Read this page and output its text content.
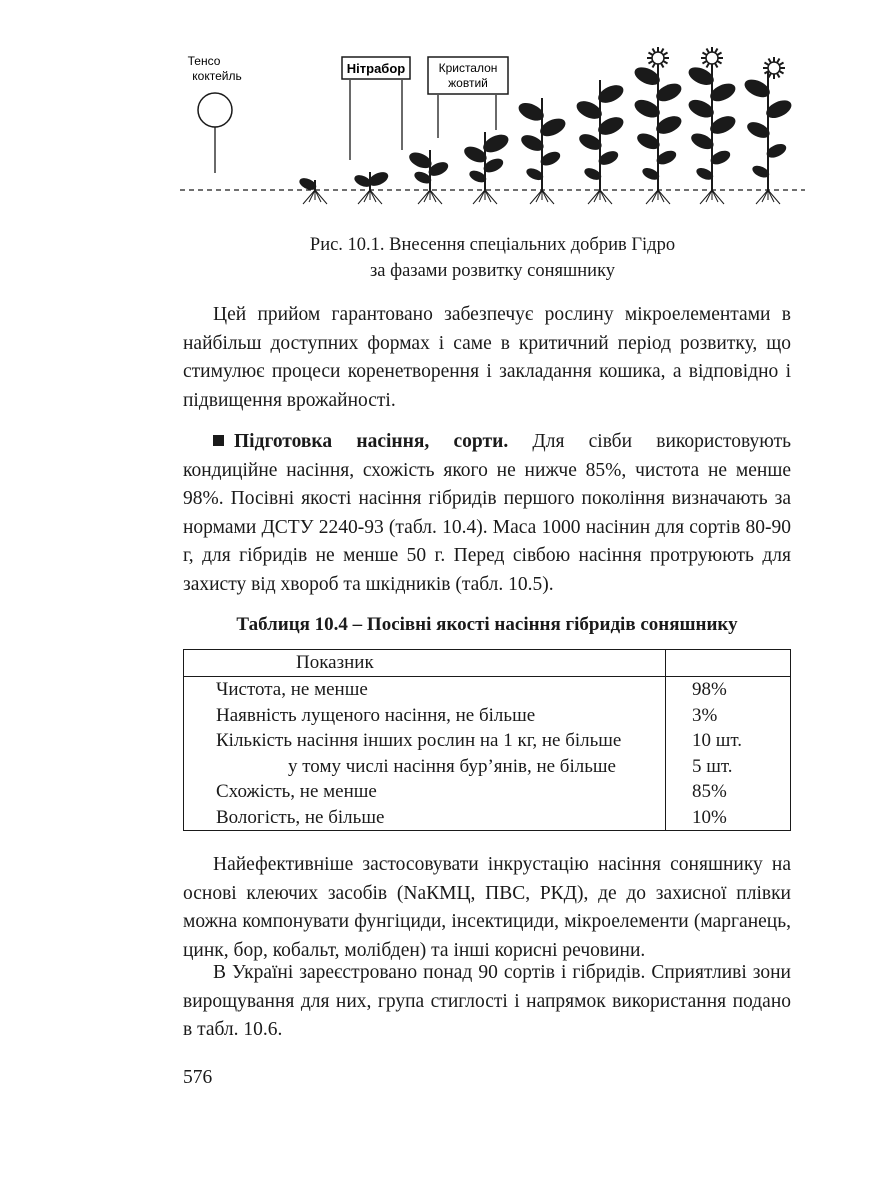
Тенсо
коктейль	Нітрабор	Кристалон
жовтий
Рис. 10.1. Внесення спеціальних добрив Гідро
за фазами розвитку соняшнику

Цей прийом гарантовано забезпечує рослину мікроелементами в найбільш доступних формах і саме в критичний період розвитку, що стимулює процеси коренетворення і закладання кошика, а відповідно і підвищення врожайності.

Підготовка насіння, сорти. Для сівби використовують кондиційне насіння, схожість якого не нижче 85%, чистота не менше 98%. Посівні якості насіння гібридів першого покоління визначають за нормами ДСТУ 2240-93 (табл. 10.4). Маса 1000 насінин для сортів 80-90 г, для гібридів не менше 50 г. Перед сівбою насіння протруюють для захисту від хвороб та шкідників (табл. 10.5).

Таблиця 10.4 – Посівні якості насіння гібридів соняшнику
Показник	
Чистота, не менше	98%
Наявність лущеного насіння, не більше	3%
Кількість насіння інших рослин на 1 кг, не більше	10 шт.
у тому числі насіння бур’янів, не більше	5 шт.
Схожість, не менше	85%
Вологість, не більше	10%

Найефективніше застосовувати інкрустацію насіння соняшнику на основі клеючих засобів (NaКМЦ, ПВС, РКД), де до захисної плівки можна компонувати фунгіциди, інсектициди, мікроелементи (марганець, цинк, бор, кобальт, молібден) та інші корисні речовини.

В Україні зареєстровано понад 90 сортів і гібридів. Сприятливі зони вирощування для них, група стиглості і напрямок використання подано в табл. 10.6.

576
